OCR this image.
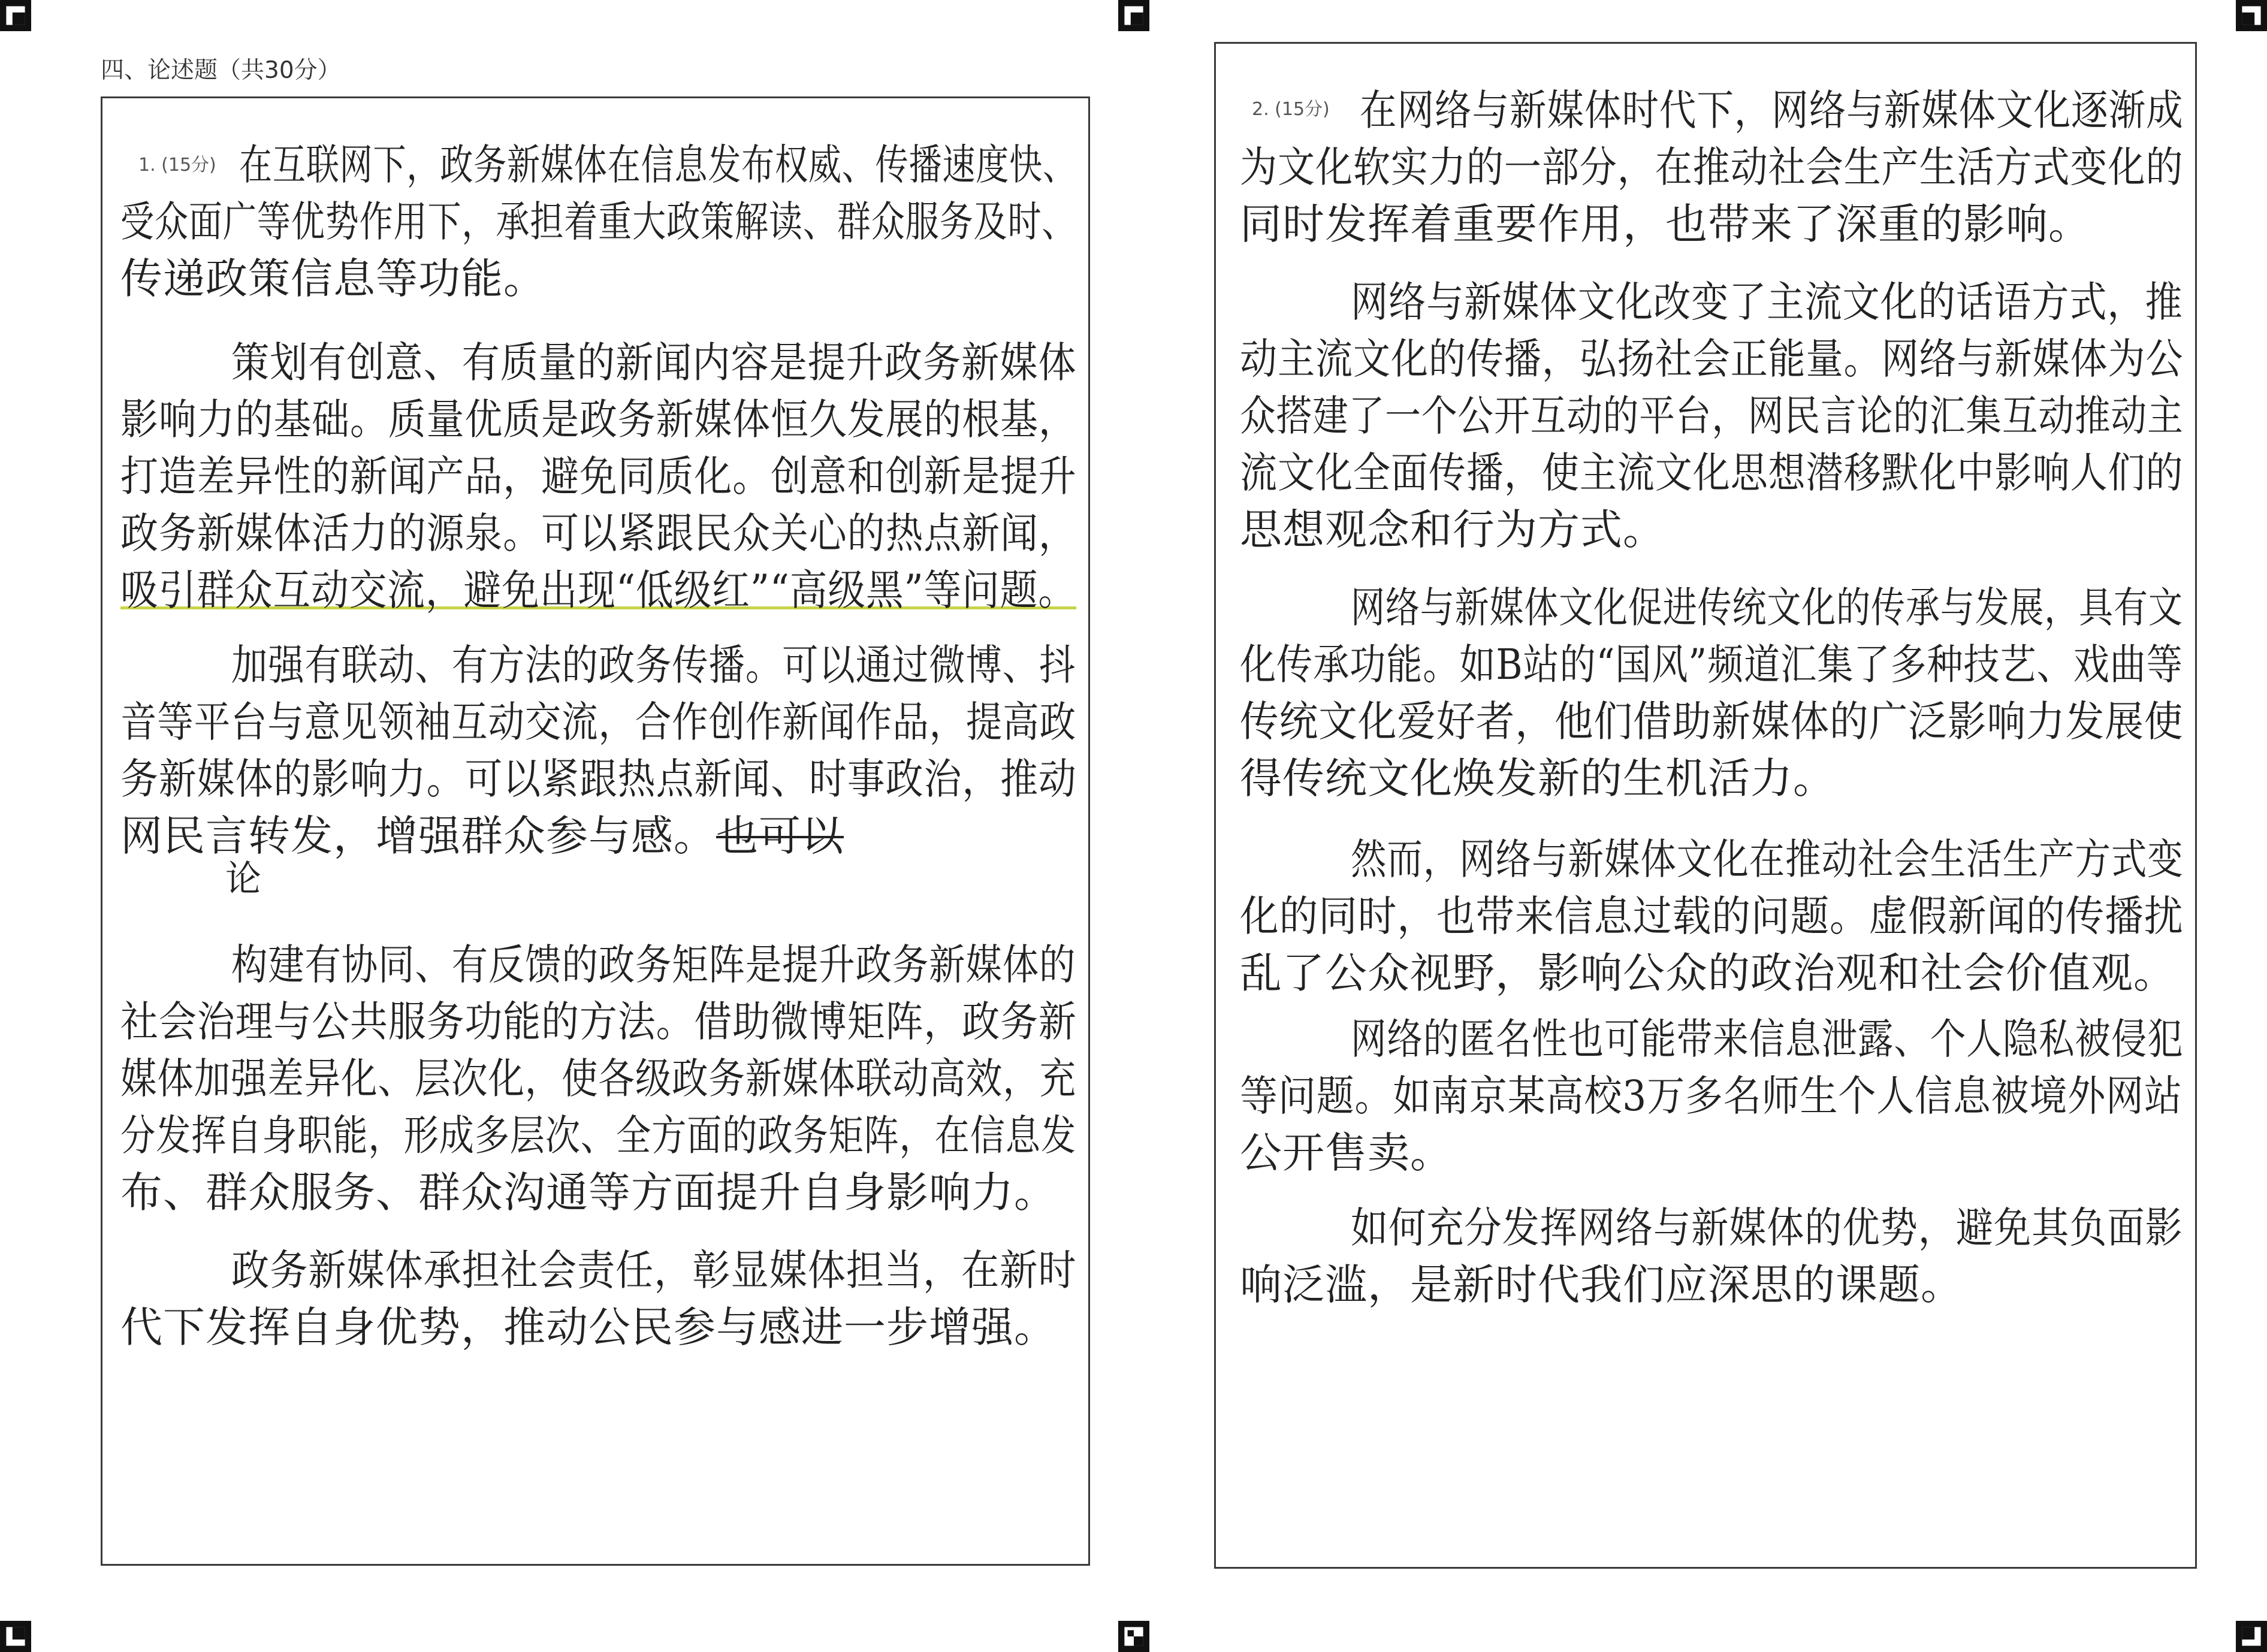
四、论述题（共30分）
1. (15分) 在互联网下，政务新媒体在信息发布权威、传播速度快、
受众面广等优势作用下，承担着重大政策解读、群众服务及时、
传递政策信息等功能。
策划有创意、有质量的新闻内容是提升政务新媒体
影响力的基础。质量优质是政务新媒体恒久发展的根基，
打造差异性的新闻产品，避免同质化。创意和创新是提升
政务新媒体活力的源泉。可以紧跟民众关心的热点新闻，
吸引群众互动交流，避免出现“低级红”“高级黑”等问题。
加强有联动、有方法的政务传播。可以通过微博、抖
音等平台与意见领袖互动交流，合作创作新闻作品，提高政
务新媒体的影响力。可以紧跟热点新闻、时事政治，推动
网民言转发，增强群众参与感。也可以
论
构建有协同、有反馈的政务矩阵是提升政务新媒体的
社会治理与公共服务功能的方法。借助微博矩阵，政务新
媒体加强差异化、层次化，使各级政务新媒体联动高效，充
分发挥自身职能，形成多层次、全方面的政务矩阵，在信息发
布、群众服务、群众沟通等方面提升自身影响力。
政务新媒体承担社会责任，彰显媒体担当，在新时
代下发挥自身优势，推动公民参与感进一步增强。
2. (15分) 在网络与新媒体时代下，网络与新媒体文化逐渐成
为文化软实力的一部分，在推动社会生产生活方式变化的
同时发挥着重要作用，也带来了深重的影响。
网络与新媒体文化改变了主流文化的话语方式，推
动主流文化的传播，弘扬社会正能量。网络与新媒体为公
众搭建了一个公开互动的平台，网民言论的汇集互动推动主
流文化全面传播，使主流文化思想潜移默化中影响人们的
思想观念和行为方式。
网络与新媒体文化促进传统文化的传承与发展，具有文
化传承功能。如B站的“国风”频道汇集了多种技艺、戏曲等
传统文化爱好者，他们借助新媒体的广泛影响力发展使
得传统文化焕发新的生机活力。
然而，网络与新媒体文化在推动社会生活生产方式变
化的同时，也带来信息过载的问题。虚假新闻的传播扰
乱了公众视野，影响公众的政治观和社会价值观。
网络的匿名性也可能带来信息泄露、个人隐私被侵犯
等问题。如南京某高校3万多名师生个人信息被境外网站
公开售卖。
如何充分发挥网络与新媒体的优势，避免其负面影
响泛滥，是新时代我们应深思的课题。
